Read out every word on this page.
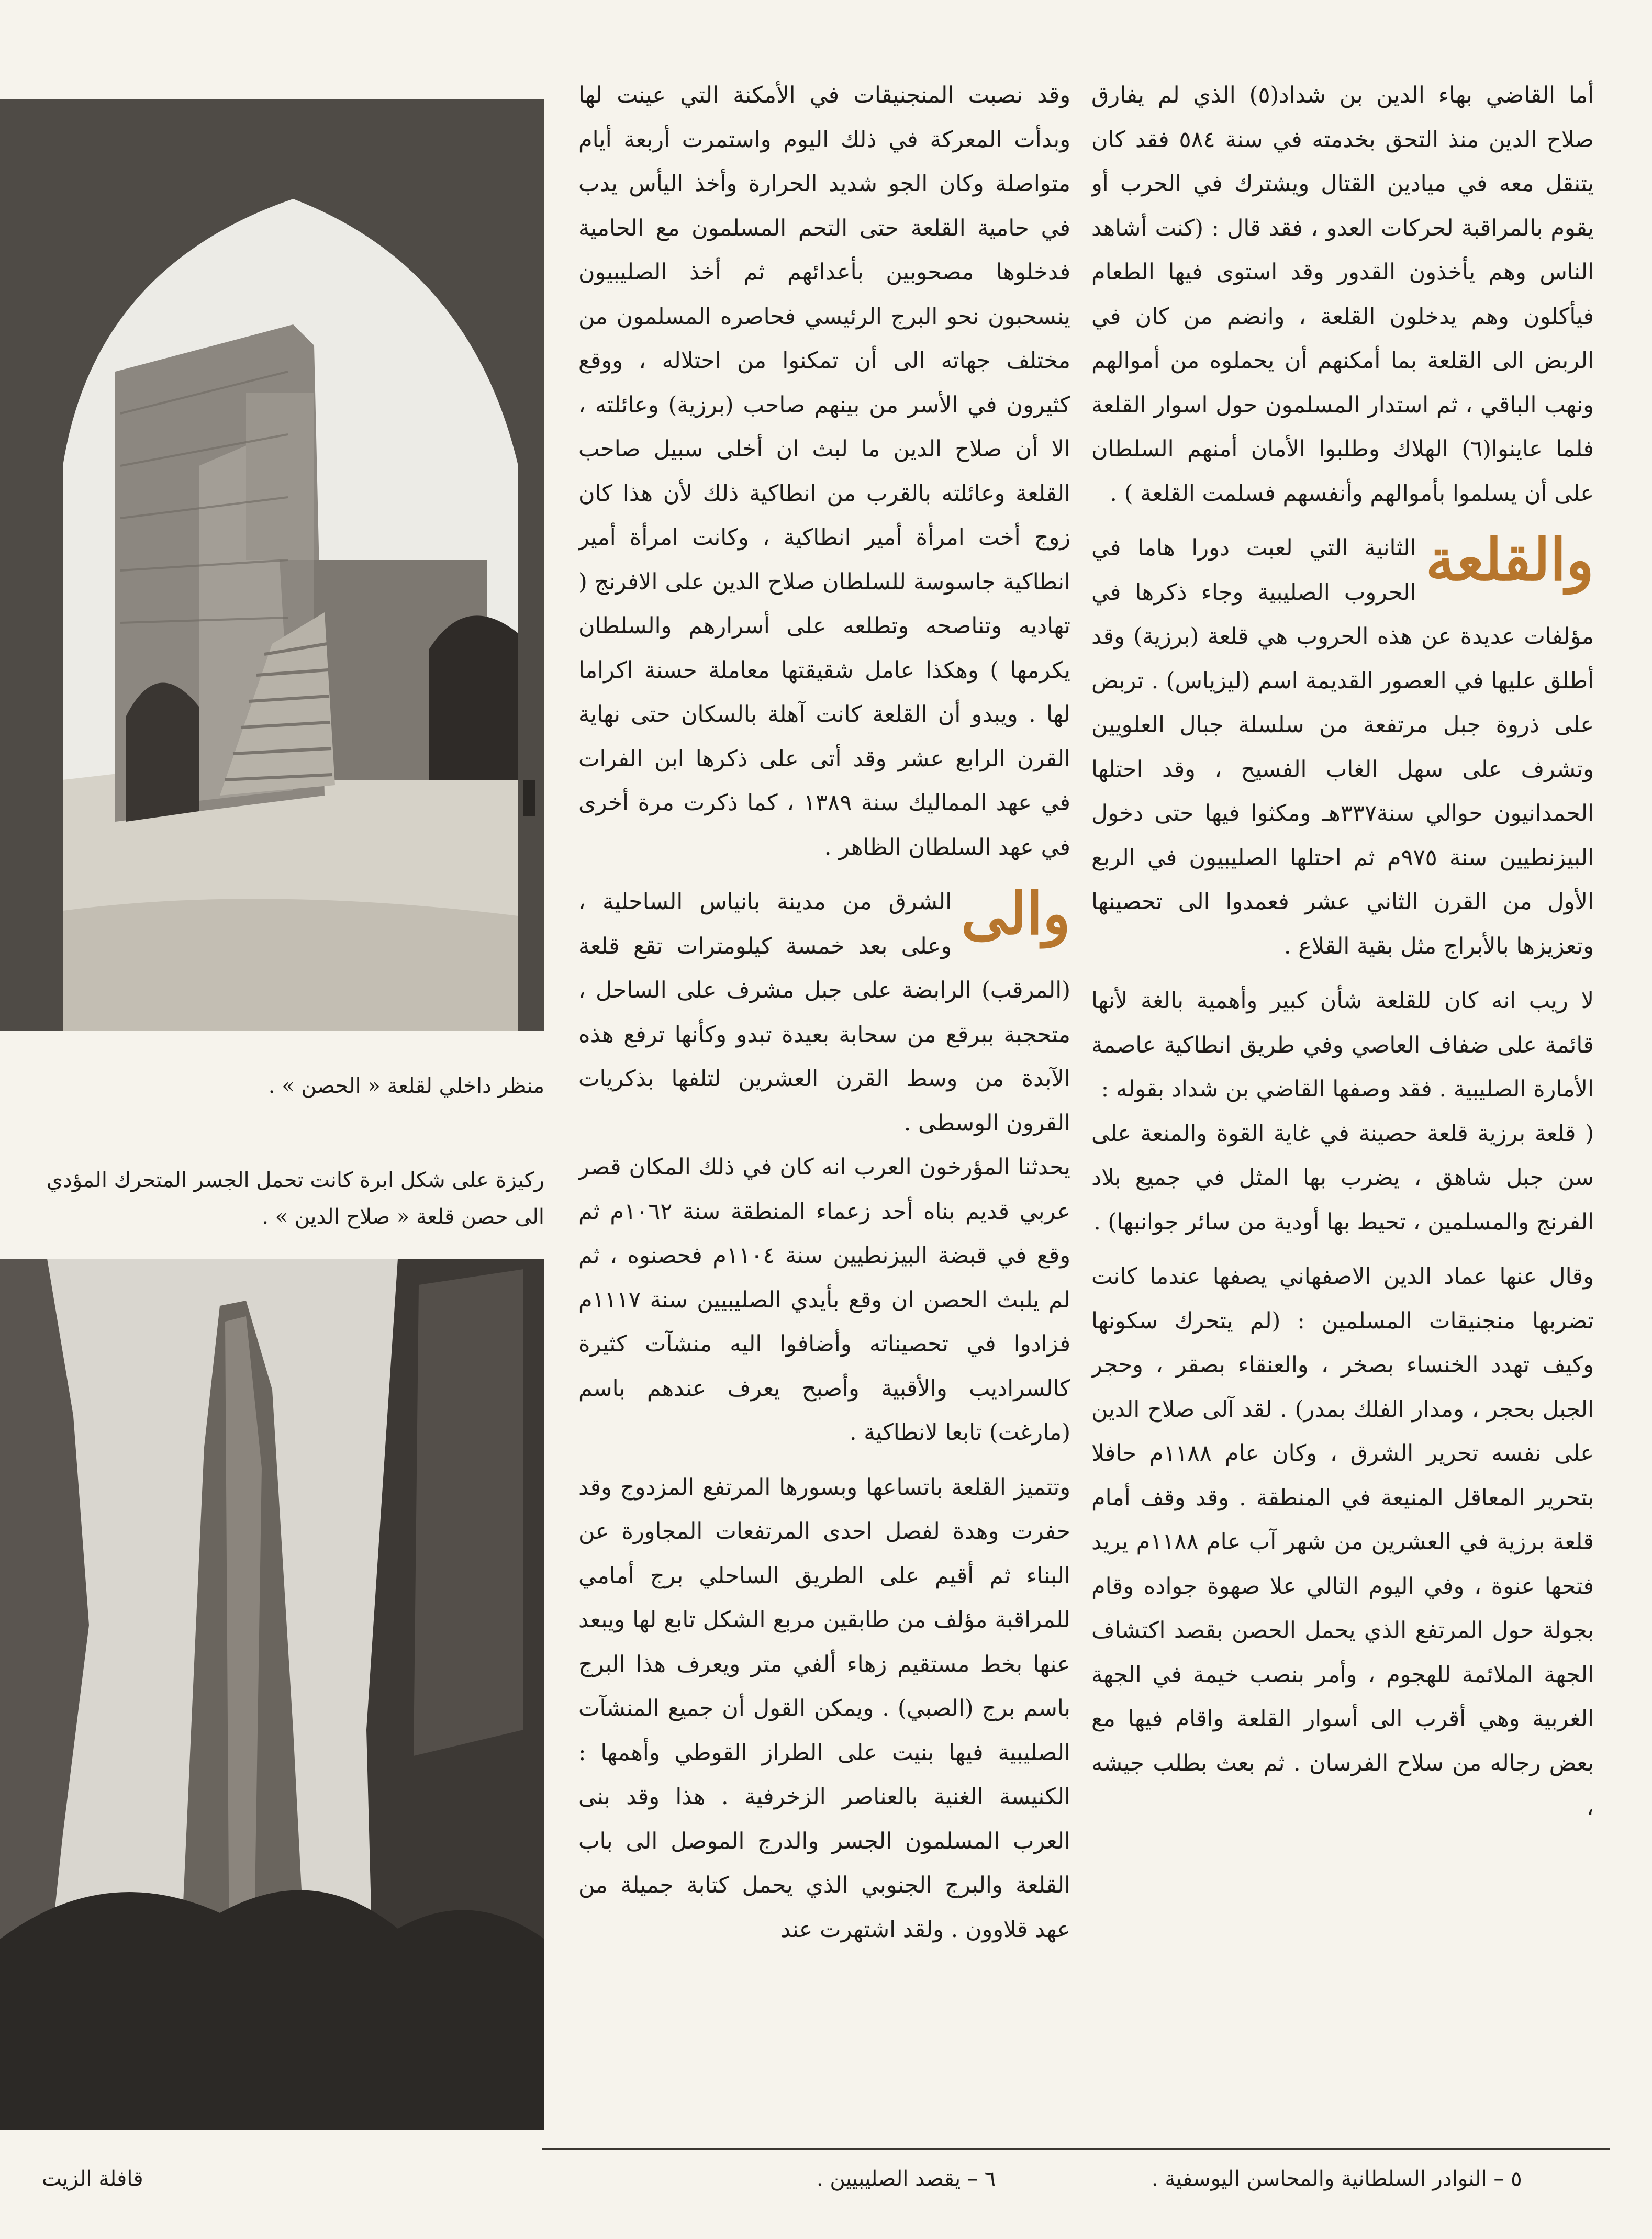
أما القاضي بهاء الدين بن شداد(٥) الذي لم يفارق صلاح الدين منذ التحق بخدمته في سنة ٥٨٤ فقد كان يتنقل معه في ميادين القتال ويشترك في الحرب أو يقوم بالمراقبة لحركات العدو ، فقد قال : (كنت أشاهد الناس وهم يأخذون القدور وقد استوى فيها الطعام فيأكلون وهم يدخلون القلعة ، وانضم من كان في الربض الى القلعة بما أمكنهم أن يحملوه من أموالهم ونهب الباقي ، ثم استدار المسلمون حول اسوار القلعة فلما عاينوا(٦) الهلاك وطلبوا الأمان أمنهم السلطان على أن يسلموا بأموالهم وأنفسهم فسلمت القلعة ) .

والقلعة
الثانية التي لعبت دورا هاما في الحروب الصليبية وجاء ذكرها في مؤلفات عديدة عن هذه الحروب هي قلعة (برزية) وقد أطلق عليها في العصور القديمة اسم (ليزياس) . تربض على ذروة جبل مرتفعة من سلسلة جبال العلويين وتشرف على سهل الغاب الفسيح ، وقد احتلها الحمدانيون حوالي سنة٣٣٧هـ ومكثوا فيها حتى دخول البيزنطيين سنة ٩٧٥م ثم احتلها الصليبيون في الربع الأول من القرن الثاني عشر فعمدوا الى تحصينها وتعزيزها بالأبراج مثل بقية القلاع .

لا ريب انه كان للقلعة شأن كبير وأهمية بالغة لأنها قائمة على ضفاف العاصي وفي طريق انطاكية عاصمة الأمارة الصليبية . فقد وصفها القاضي بن شداد بقوله :

( قلعة برزية قلعة حصينة في غاية القوة والمنعة على سن جبل شاهق ، يضرب بها المثل في جميع بلاد الفرنج والمسلمين ، تحيط بها أودية من سائر جوانبها) .

وقال عنها عماد الدين الاصفهاني يصفها عندما كانت تضربها منجنيقات المسلمين : (لم يتحرك سكونها وكيف تهدد الخنساء بصخر ، والعنقاء بصقر ، وحجر الجبل بحجر ، ومدار الفلك بمدر) . لقد آلى صلاح الدين على نفسه تحرير الشرق ، وكان عام ١١٨٨م حافلا بتحرير المعاقل المنيعة في المنطقة . وقد وقف أمام قلعة برزية في العشرين من شهر آب عام ١١٨٨م يريد فتحها عنوة ، وفي اليوم التالي علا صهوة جواده وقام بجولة حول المرتفع الذي يحمل الحصن بقصد اكتشاف الجهة الملائمة للهجوم ، وأمر بنصب خيمة في الجهة الغربية وهي أقرب الى أسوار القلعة واقام فيها مع بعض رجاله من سلاح الفرسان . ثم بعث بطلب جيشه ،

وقد نصبت المنجنيقات في الأمكنة التي عينت لها وبدأت المعركة في ذلك اليوم واستمرت أربعة أيام متواصلة وكان الجو شديد الحرارة وأخذ اليأس يدب في حامية القلعة حتى التحم المسلمون مع الحامية فدخلوها مصحوبين بأعدائهم ثم أخذ الصليبيون ينسحبون نحو البرج الرئيسي فحاصره المسلمون من مختلف جهاته الى أن تمكنوا من احتلاله ، ووقع كثيرون في الأسر من بينهم صاحب (برزية) وعائلته ، الا أن صلاح الدين ما لبث ان أخلى سبيل صاحب القلعة وعائلته بالقرب من انطاكية ذلك لأن هذا كان زوج أخت امرأة أمير انطاكية ، وكانت امرأة أمير انطاكية جاسوسة للسلطان صلاح الدين على الافرنج ( تهاديه وتناصحه وتطلعه على أسرارهم والسلطان يكرمها ) وهكذا عامل شقيقتها معاملة حسنة اكراما لها . ويبدو أن القلعة كانت آهلة بالسكان حتى نهاية القرن الرابع عشر وقد أتى على ذكرها ابن الفرات في عهد المماليك سنة ١٣٨٩ ، كما ذكرت مرة أخرى في عهد السلطان الظاهر .

والى
الشرق من مدينة بانياس الساحلية ، وعلى بعد خمسة كيلومترات تقع قلعة (المرقب) الرابضة على جبل مشرف على الساحل ، متحجبة ببرقع من سحابة بعيدة تبدو وكأنها ترفع هذه الآبدة من وسط القرن العشرين لتلفها بذكريات القرون الوسطى .

يحدثنا المؤرخون العرب انه كان في ذلك المكان قصر عربي قديم بناه أحد زعماء المنطقة سنة ١٠٦٢م ثم وقع في قبضة البيزنطيين سنة ١١٠٤م فحصنوه ، ثم لم يلبث الحصن ان وقع بأيدي الصليبيين سنة ١١١٧م فزادوا في تحصيناته وأضافوا اليه منشآت كثيرة كالسراديب والأقبية وأصبح يعرف عندهم باسم (مارغت) تابعا لانطاكية .

وتتميز القلعة باتساعها وبسورها المرتفع المزدوج وقد حفرت وهدة لفصل احدى المرتفعات المجاورة عن البناء ثم أقيم على الطريق الساحلي برج أمامي للمراقبة مؤلف من طابقين مربع الشكل تابع لها ويبعد عنها بخط مستقيم زهاء ألفي متر ويعرف هذا البرج باسم برج (الصبي) . ويمكن القول أن جميع المنشآت الصليبية فيها بنيت على الطراز القوطي وأهمها : الكنيسة الغنية بالعناصر الزخرفية . هذا وقد بنى العرب المسلمون الجسر والدرج الموصل الى باب القلعة والبرج الجنوبي الذي يحمل كتابة جميلة من عهد قلاوون . ولقد اشتهرت عند

منظر داخلي لقلعة « الحصن » .
ركيزة على شكل ابرة كانت تحمل الجسر المتحرك المؤدي الى حصن قلعة « صلاح الدين » .
٥ – النوادر السلطانية والمحاسن اليوسفية .
٦ – يقصد الصليبيين .
قافلة الزيت
